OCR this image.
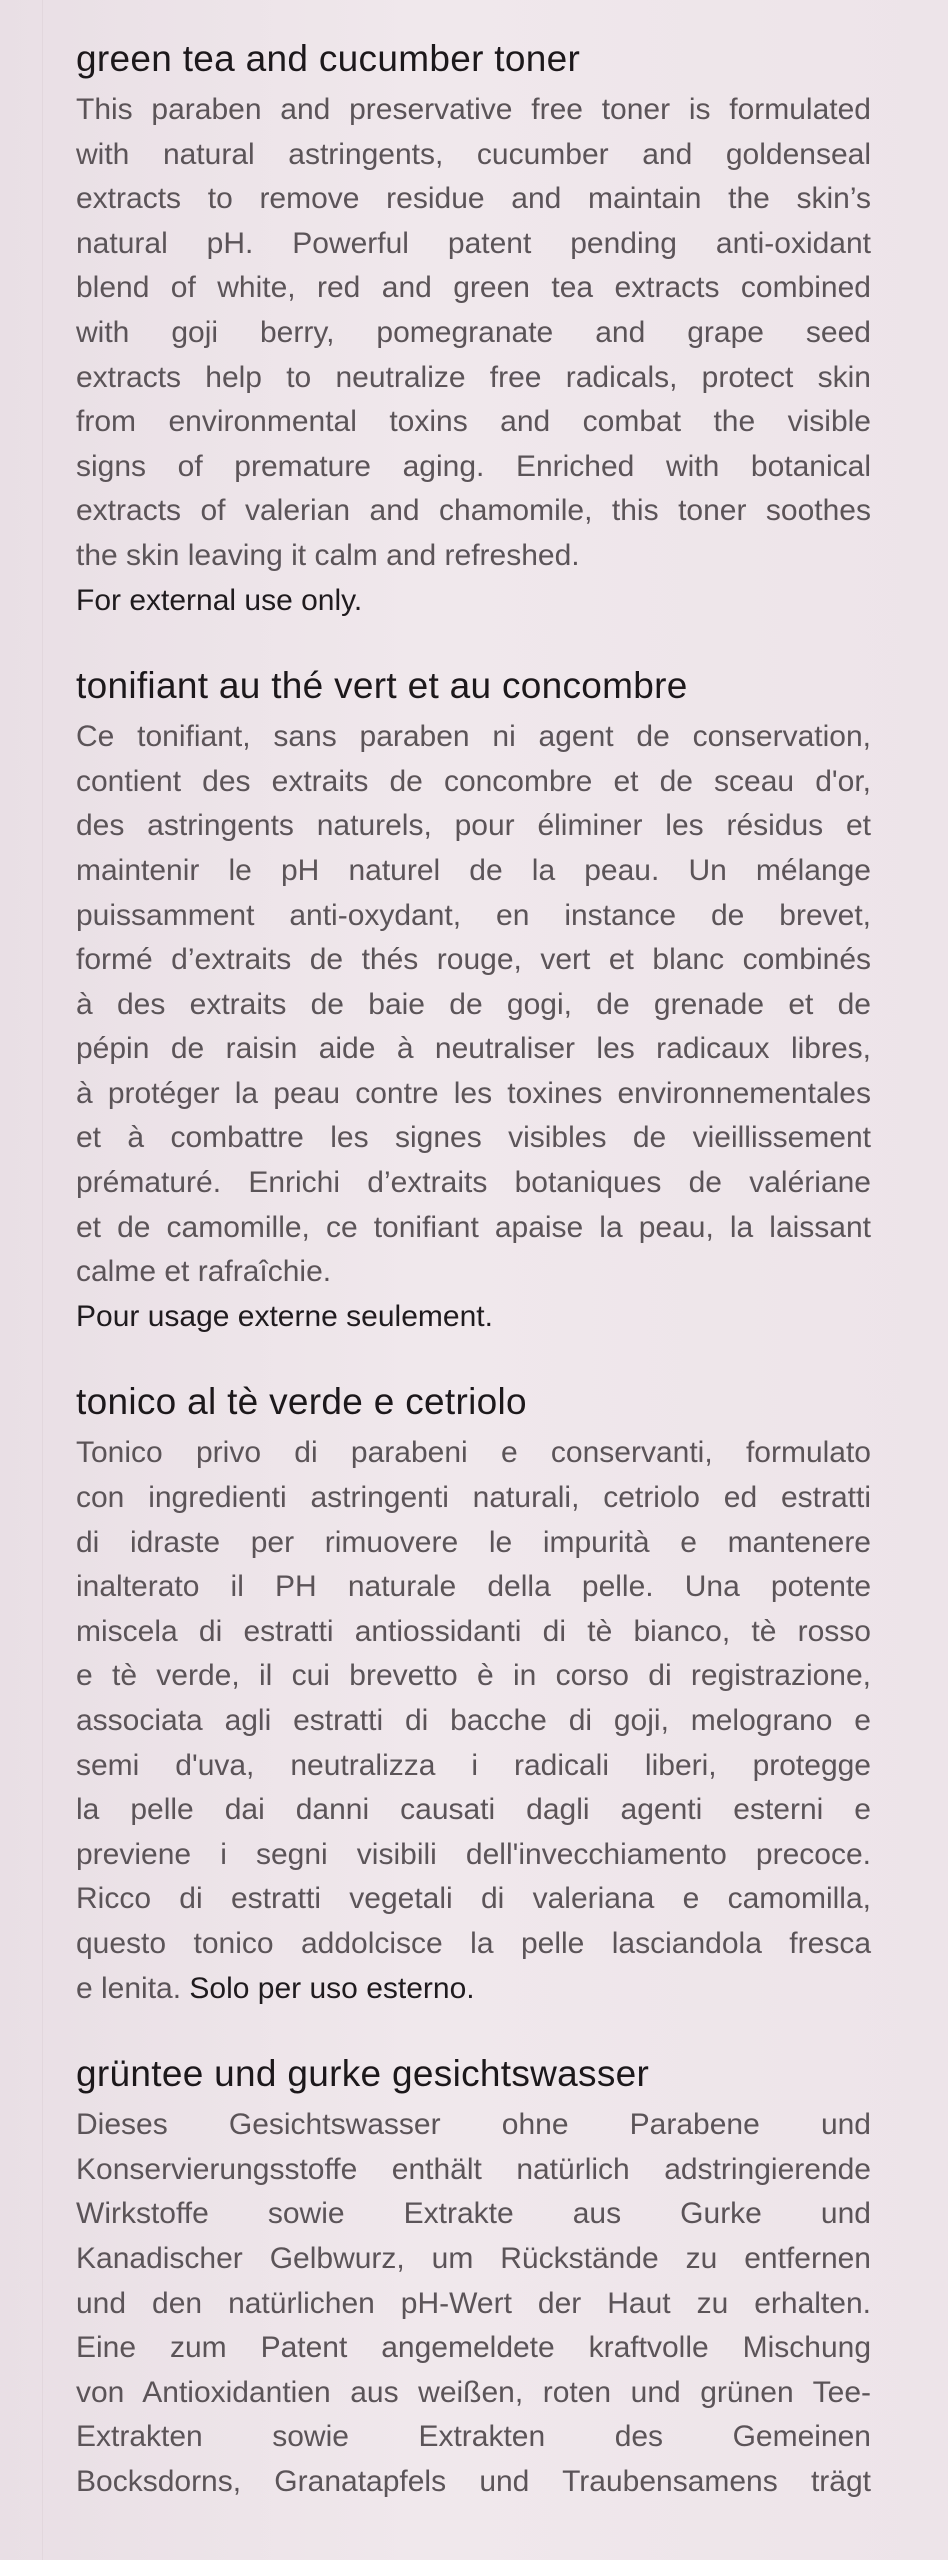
green tea and cucumber toner
This paraben and preservative free toner is formulated
with natural astringents, cucumber and goldenseal
extracts to remove residue and maintain the skin’s
natural pH. Powerful patent pending anti-oxidant
blend of white, red and green tea extracts combined
with goji berry, pomegranate and grape seed
extracts help to neutralize free radicals, protect skin
from environmental toxins and combat the visible
signs of premature aging. Enriched with botanical
extracts of valerian and chamomile, this toner soothes
the skin leaving it calm and refreshed.
For external use only.
tonifiant au thé vert et au concombre
Ce tonifiant, sans paraben ni agent de conservation,
contient des extraits de concombre et de sceau d'or,
des astringents naturels, pour éliminer les résidus et
maintenir le pH naturel de la peau. Un mélange
puissamment anti-oxydant, en instance de brevet,
formé d’extraits de thés rouge, vert et blanc combinés
à des extraits de baie de gogi, de grenade et de
pépin de raisin aide à neutraliser les radicaux libres,
à protéger la peau contre les toxines environnementales
et à combattre les signes visibles de vieillissement
prématuré. Enrichi d’extraits botaniques de valériane
et de camomille, ce tonifiant apaise la peau, la laissant
calme et rafraîchie.
Pour usage externe seulement.
tonico al tè verde e cetriolo
Tonico privo di parabeni e conservanti, formulato
con ingredienti astringenti naturali, cetriolo ed estratti
di idraste per rimuovere le impurità e mantenere
inalterato il PH naturale della pelle. Una potente
miscela di estratti antiossidanti di tè bianco, tè rosso
e tè verde, il cui brevetto è in corso di registrazione,
associata agli estratti di bacche di goji, melograno e
semi d'uva, neutralizza i radicali liberi, protegge
la pelle dai danni causati dagli agenti esterni e
previene i segni visibili dell'invecchiamento precoce.
Ricco di estratti vegetali di valeriana e camomilla,
questo tonico addolcisce la pelle lasciandola fresca
e lenita. Solo per uso esterno.
grüntee und gurke gesichtswasser
Dieses Gesichtswasser ohne Parabene und
Konservierungsstoffe enthält natürlich adstringierende
Wirkstoffe sowie Extrakte aus Gurke und
Kanadischer Gelbwurz, um Rückstände zu entfernen
und den natürlichen pH-Wert der Haut zu erhalten.
Eine zum Patent angemeldete kraftvolle Mischung
von Antioxidantien aus weißen, roten und grünen Tee-
Extrakten sowie Extrakten des Gemeinen
Bocksdorns, Granatapfels und Traubensamens trägt
